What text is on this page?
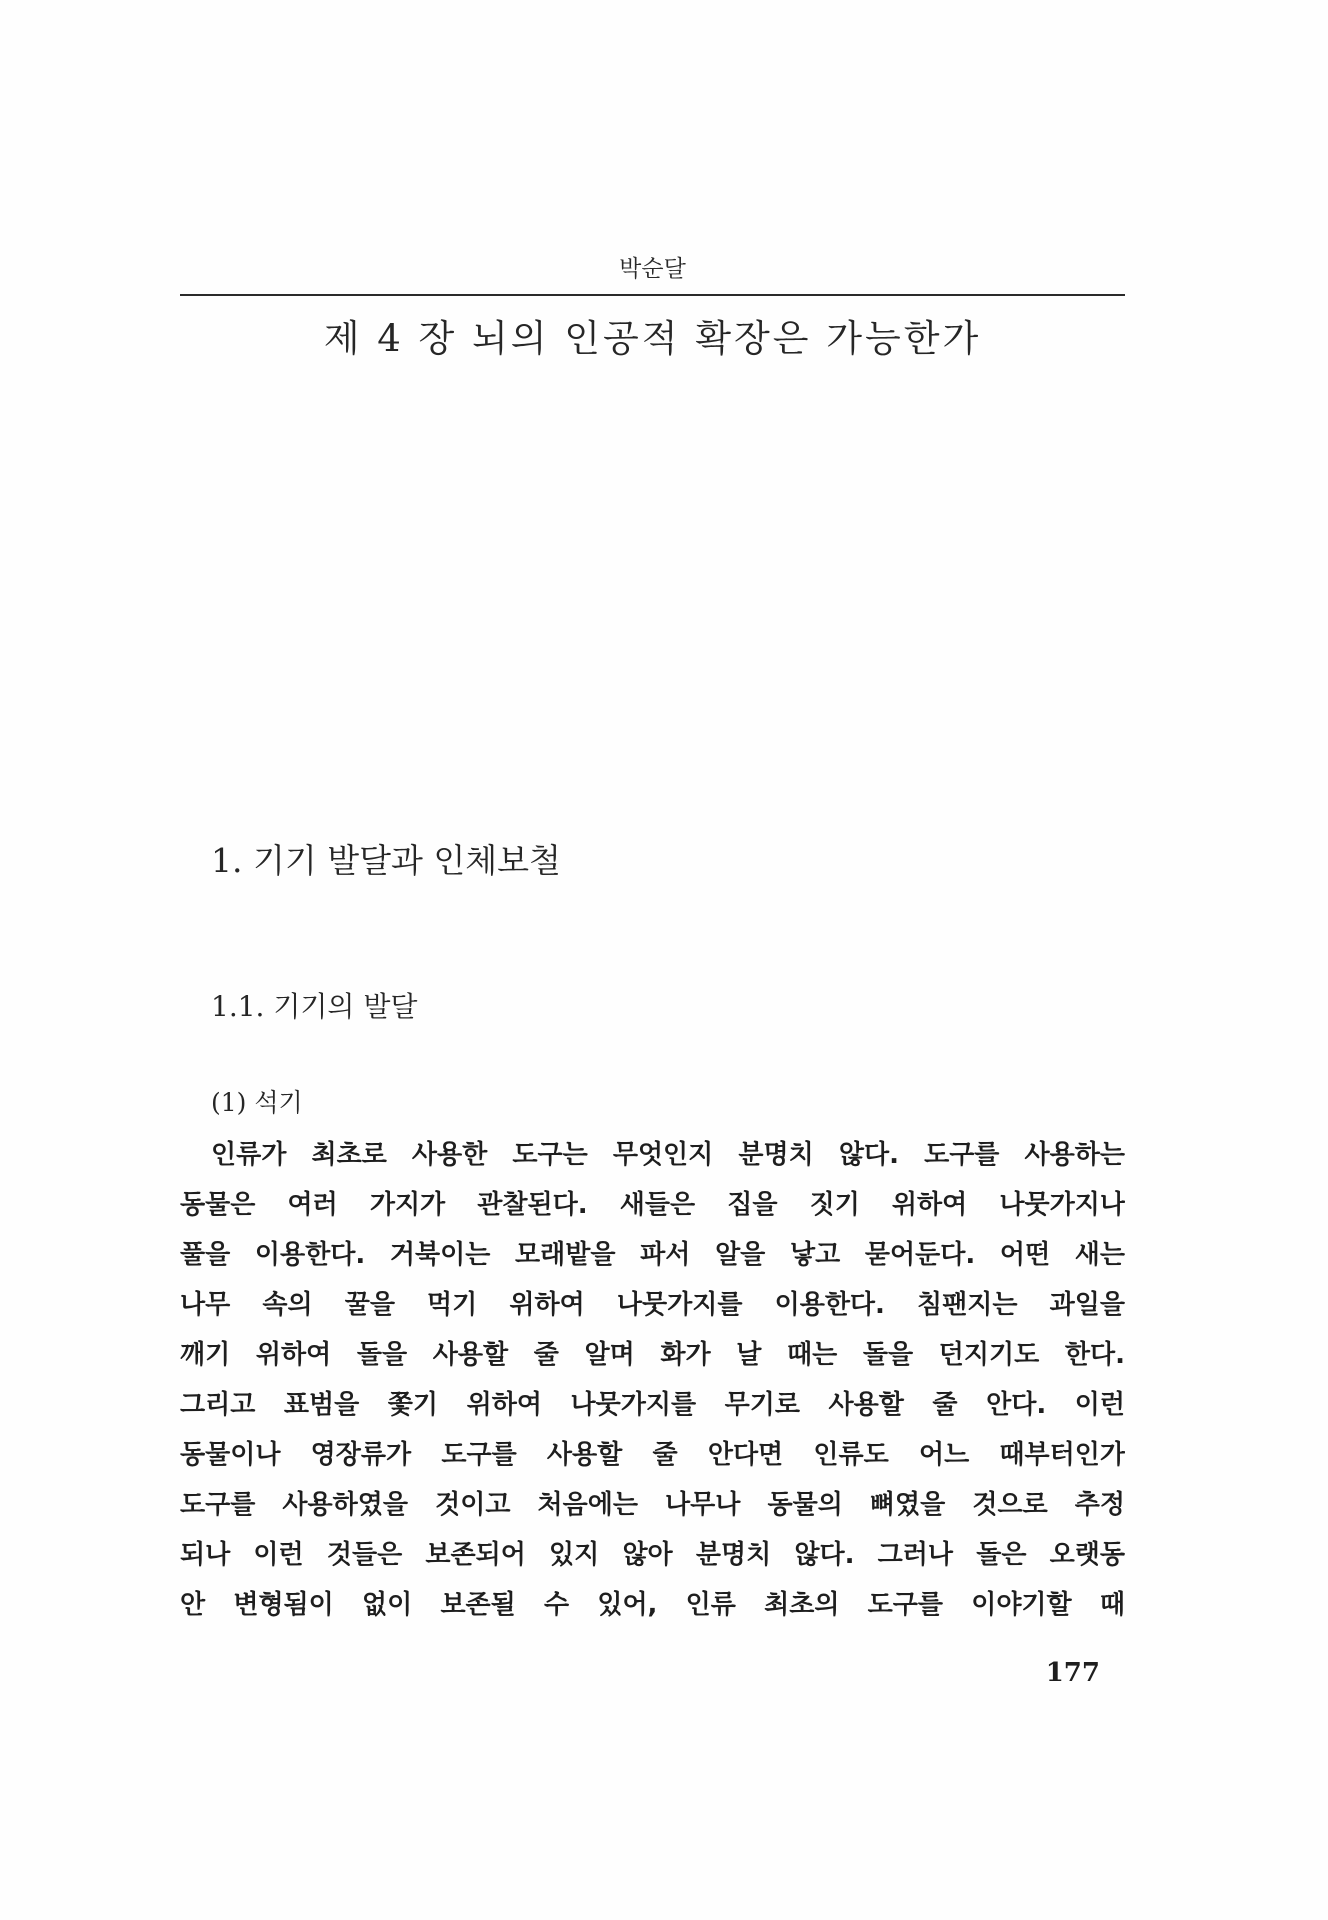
박순달
제 4 장 뇌의 인공적 확장은 가능한가
1. 기기 발달과 인체보철
1.1. 기기의 발달
(1) 석기
인류가 최초로 사용한 도구는 무엇인지 분명치 않다. 도구를 사용하는
동물은 여러 가지가 관찰된다. 새들은 집을 짓기 위하여 나뭇가지나
풀을 이용한다. 거북이는 모래밭을 파서 알을 낳고 묻어둔다. 어떤 새는
나무 속의 꿀을 먹기 위하여 나뭇가지를 이용한다. 침팬지는 과일을
깨기 위하여 돌을 사용할 줄 알며 화가 날 때는 돌을 던지기도 한다.
그리고 표범을 쫓기 위하여 나뭇가지를 무기로 사용할 줄 안다. 이런
동물이나 영장류가 도구를 사용할 줄 안다면 인류도 어느 때부터인가
도구를 사용하였을 것이고 처음에는 나무나 동물의 뼈였을 것으로 추정
되나 이런 것들은 보존되어 있지 않아 분명치 않다. 그러나 돌은 오랫동
안 변형됨이 없이 보존될 수 있어, 인류 최초의 도구를 이야기할 때
177
